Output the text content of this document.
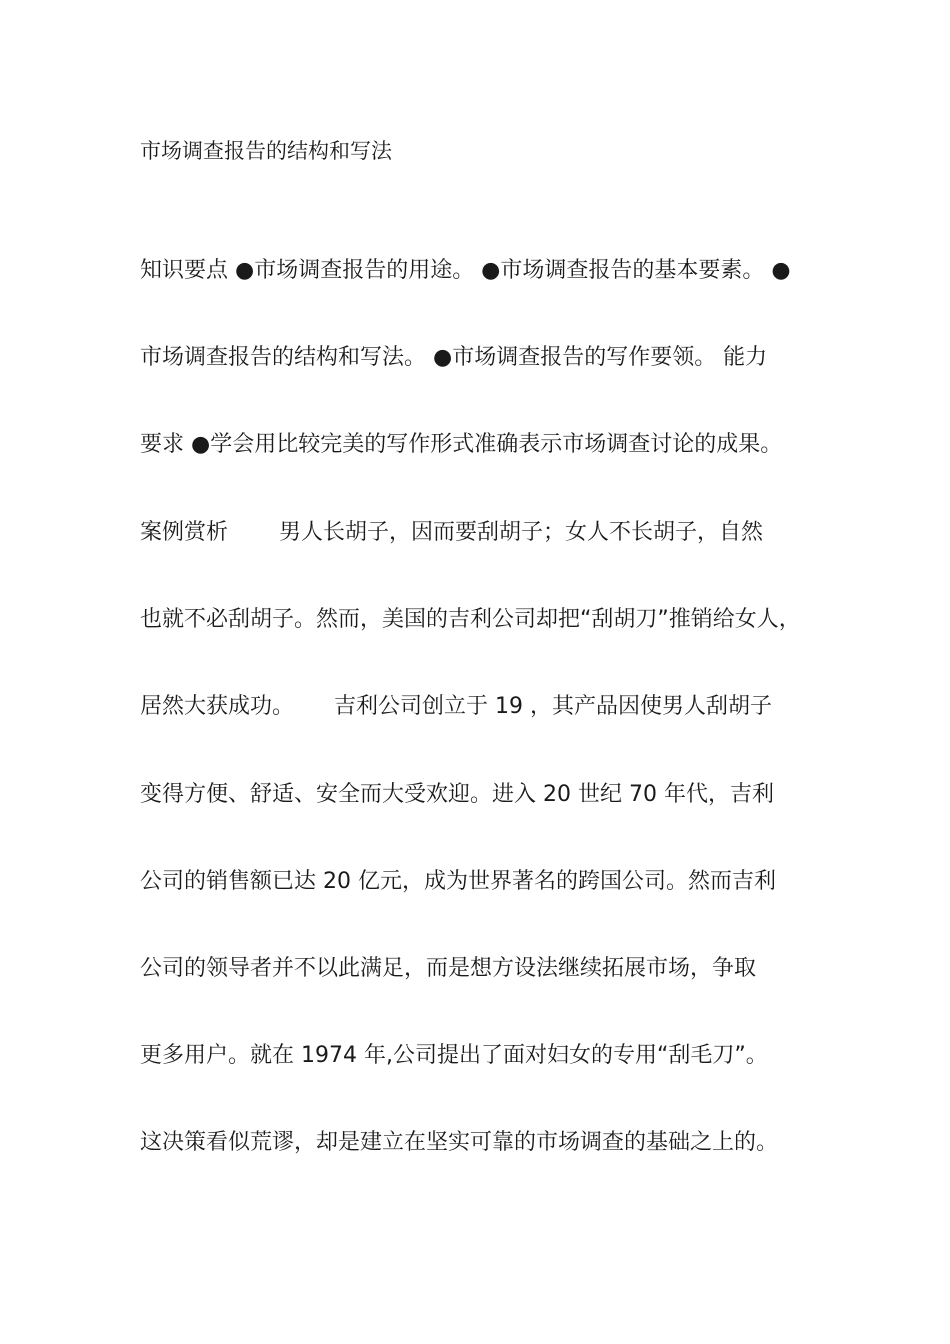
市场调查报告的结构和写法
知识要点 ●市场调查报告的用途。 ●市场调查报告的基本要素。 ●
市场调查报告的结构和写法。 ●市场调查报告的写作要领。 能力
要求 ●学会用比较完美的写作形式准确表示市场调查讨论的成果。
案例赏析　　 男人长胡子，因而要刮胡子；女人不长胡子，自然
也就不必刮胡子。然而，美国的吉利公司却把“刮胡刀”推销给女人，
居然大获成功。　　 吉利公司创立于 19 ，其产品因使男人刮胡子
变得方便、舒适、安全而大受欢迎。进入 20 世纪 70 年代，吉利
公司的销售额已达 20 亿元，成为世界著名的跨国公司。然而吉利
公司的领导者并不以此满足，而是想方设法继续拓展市场，争取
更多用户。就在 1974 年,公司提出了面对妇女的专用“刮毛刀”。
这决策看似荒谬，却是建立在坚实可靠的市场调查的基础之上的。
